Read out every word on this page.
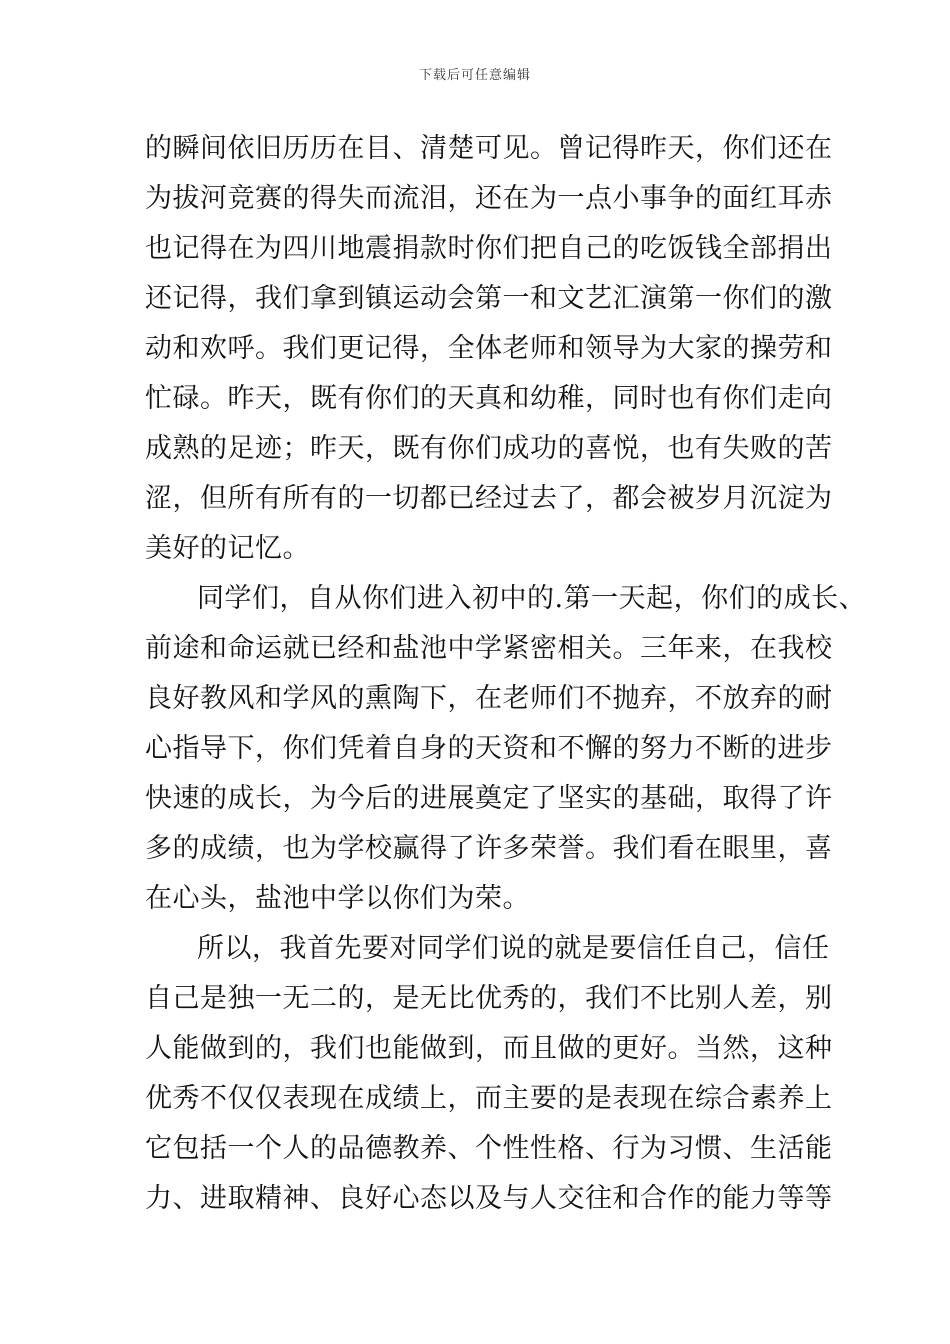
下载后可任意编辑
的瞬间依旧历历在目、清楚可见。曾记得昨天，你们还在
为拔河竞赛的得失而流泪，还在为一点小事争的面红耳赤
也记得在为四川地震捐款时你们把自己的吃饭钱全部捐出
还记得，我们拿到镇运动会第一和文艺汇演第一你们的激
动和欢呼。我们更记得，全体老师和领导为大家的操劳和
忙碌。昨天，既有你们的天真和幼稚，同时也有你们走向
成熟的足迹；昨天，既有你们成功的喜悦，也有失败的苦
涩，但所有所有的一切都已经过去了，都会被岁月沉淀为
美好的记忆。
同学们，自从你们进入初中的.第一天起，你们的成长、
前途和命运就已经和盐池中学紧密相关。三年来，在我校
良好教风和学风的熏陶下，在老师们不抛弃，不放弃的耐
心指导下，你们凭着自身的天资和不懈的努力不断的进步
快速的成长，为今后的进展奠定了坚实的基础，取得了许
多的成绩，也为学校赢得了许多荣誉。我们看在眼里，喜
在心头，盐池中学以你们为荣。
所以，我首先要对同学们说的就是要信任自己，信任
自己是独一无二的，是无比优秀的，我们不比别人差，别
人能做到的，我们也能做到，而且做的更好。当然，这种
优秀不仅仅表现在成绩上，而主要的是表现在综合素养上
它包括一个人的品德教养、个性性格、行为习惯、生活能
力、进取精神、良好心态以及与人交往和合作的能力等等
